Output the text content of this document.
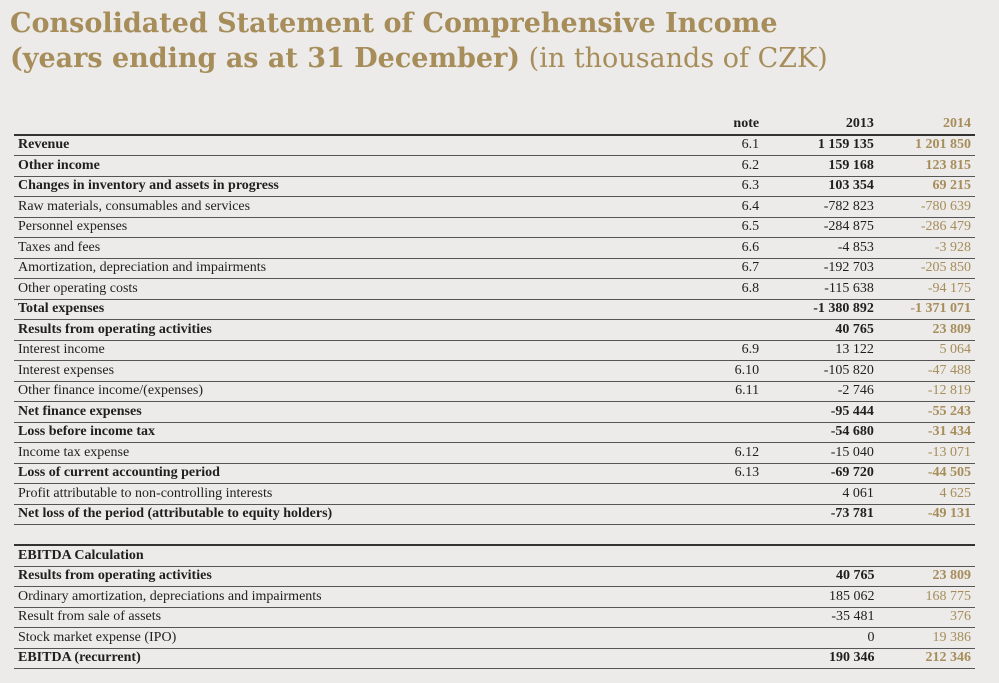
Consolidated Statement of Comprehensive Income
(years ending as at 31 December) (in thousands of CZK)
	note	2013	2014
Revenue	6.1	1 159 135	1 201 850
Other income	6.2	159 168	123 815
Changes in inventory and assets in progress	6.3	103 354	69 215
Raw materials, consumables and services	6.4	-782 823	-780 639
Personnel expenses	6.5	-284 875	-286 479
Taxes and fees	6.6	-4 853	-3 928
Amortization, depreciation and impairments	6.7	-192 703	-205 850
Other operating costs	6.8	-115 638	-94 175
Total expenses		-1 380 892	-1 371 071
Results from operating activities		40 765	23 809
Interest income	6.9	13 122	5 064
Interest expenses	6.10	-105 820	-47 488
Other finance income/(expenses)	6.11	-2 746	-12 819
Net finance expenses		-95 444	-55 243
Loss before income tax		-54 680	-31 434
Income tax expense	6.12	-15 040	-13 071
Loss of current accounting period	6.13	-69 720	-44 505
Profit attributable to non-controlling interests		4 061	4 625
Net loss of the period (attributable to equity holders)		-73 781	-49 131
EBITDA Calculation			
Results from operating activities		40 765	23 809
Ordinary amortization, depreciations and impairments		185 062	168 775
Result from sale of assets		-35 481	376
Stock market expense (IPO)		0	19 386
EBITDA (recurrent)		190 346	212 346
